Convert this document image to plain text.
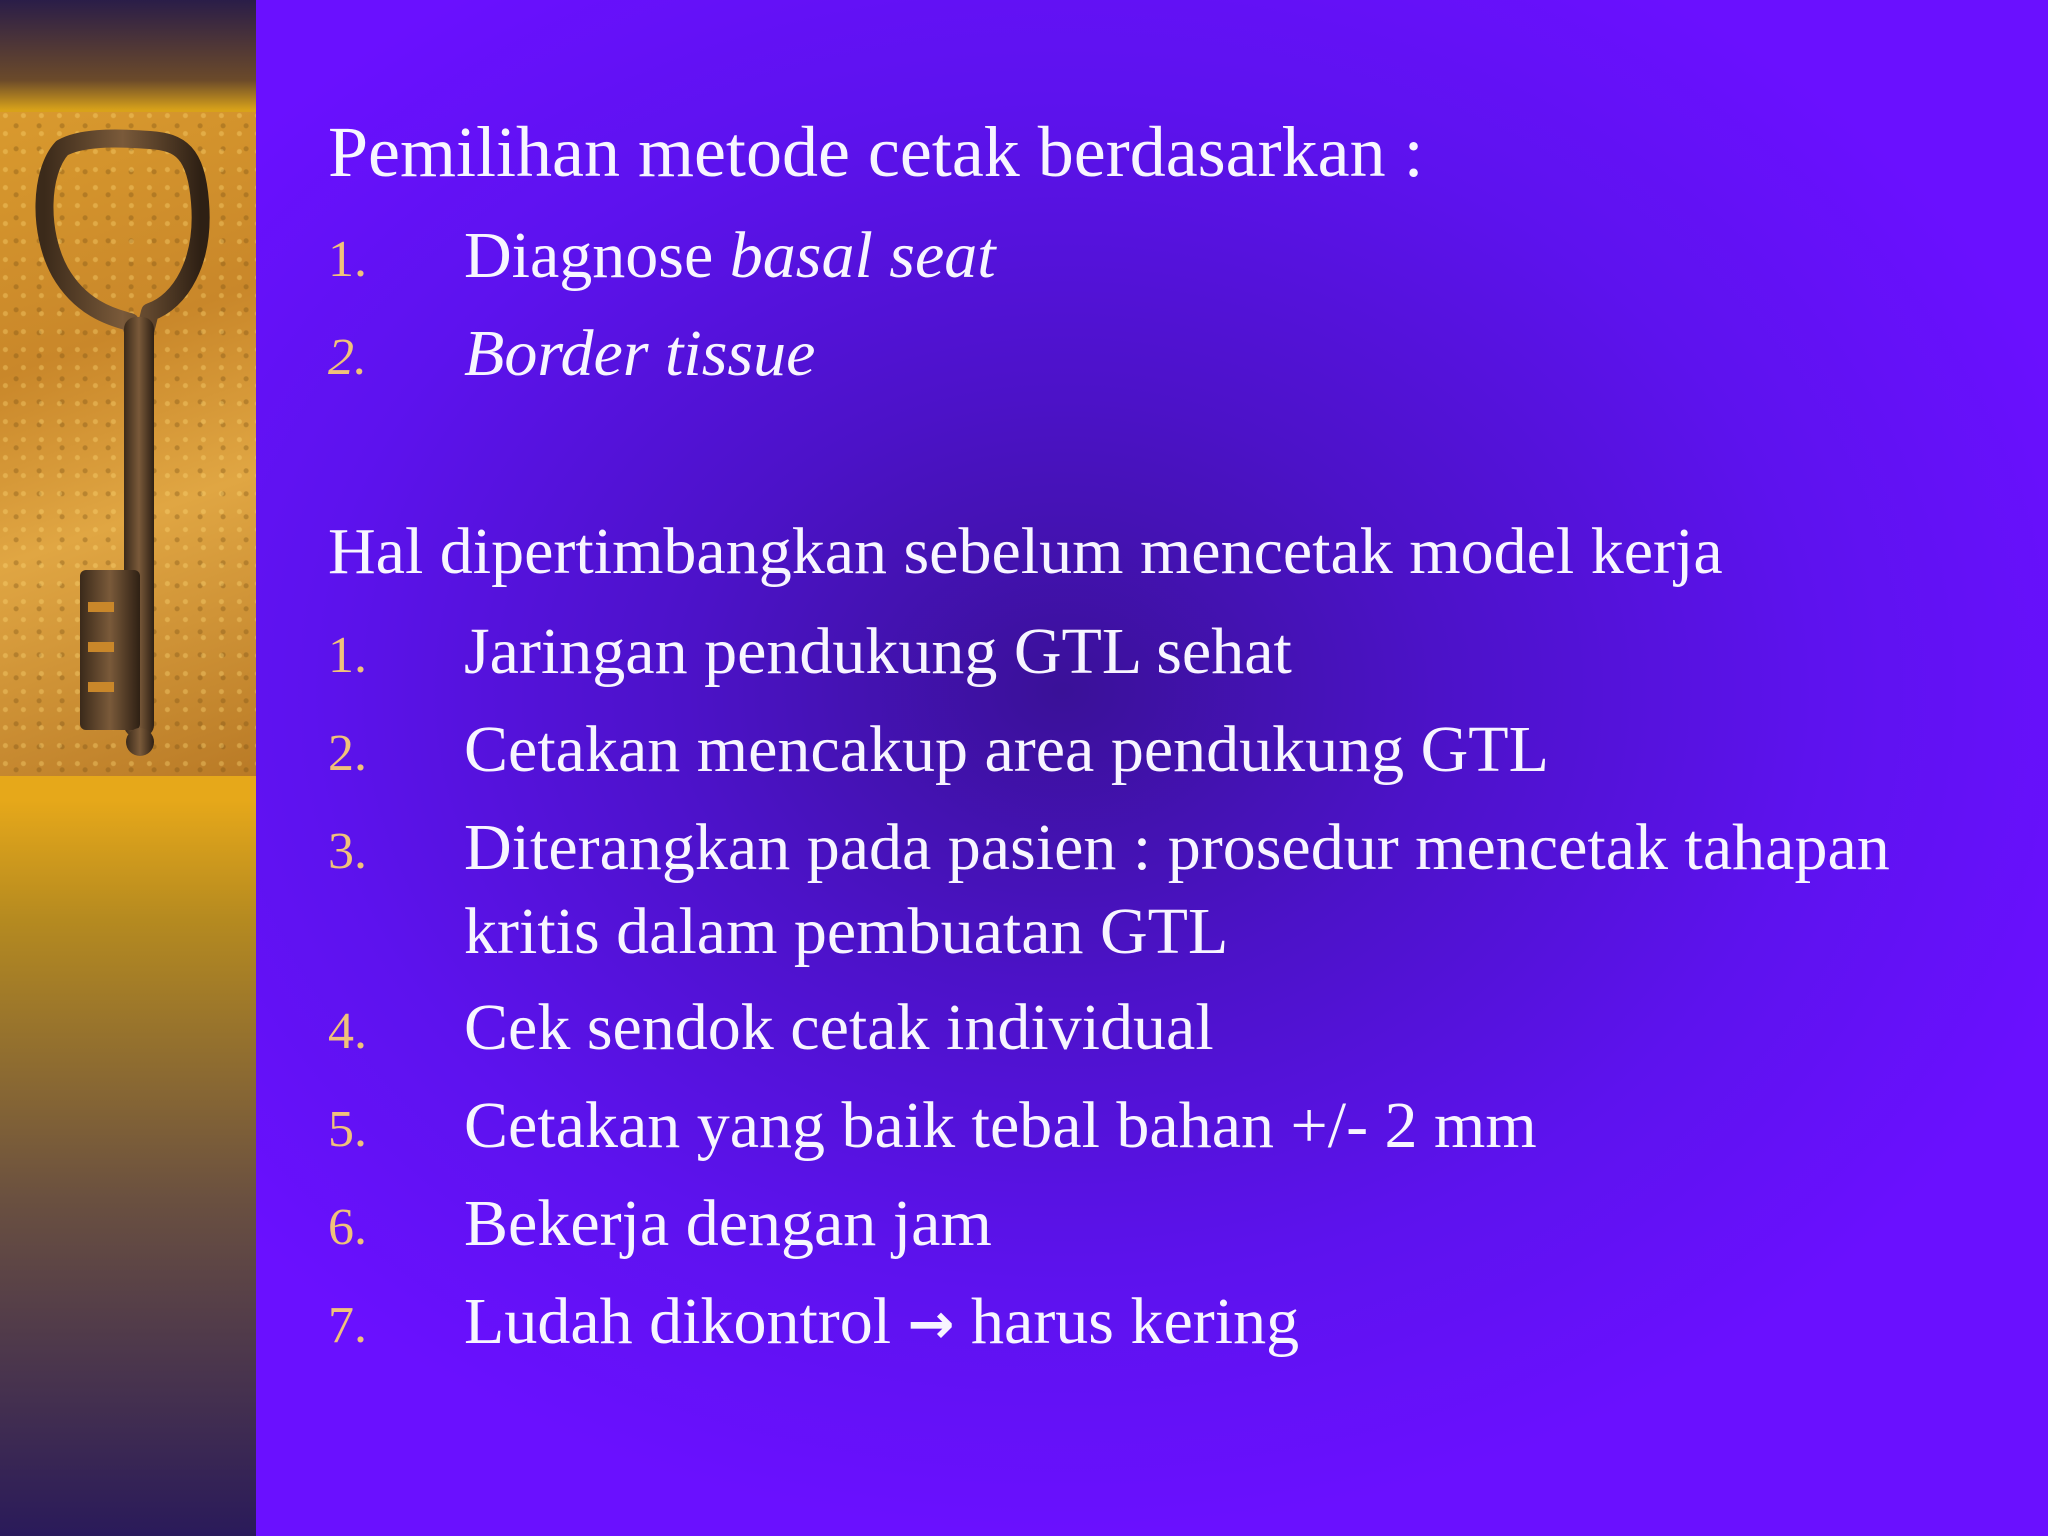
Pemilihan metode cetak berdasarkan :
1.	Diagnose basal seat
2.	Border tissue
Hal dipertimbangkan sebelum mencetak model kerja
1.	Jaringan pendukung GTL sehat
2.	Cetakan mencakup area pendukung GTL
3.	Diterangkan pada pasien : prosedur mencetak tahapan kritis dalam pembuatan GTL
4.	Cek sendok cetak individual
5.	Cetakan yang baik tebal bahan +/- 2 mm
6.	Bekerja dengan jam
7.	Ludah dikontrol → harus kering
